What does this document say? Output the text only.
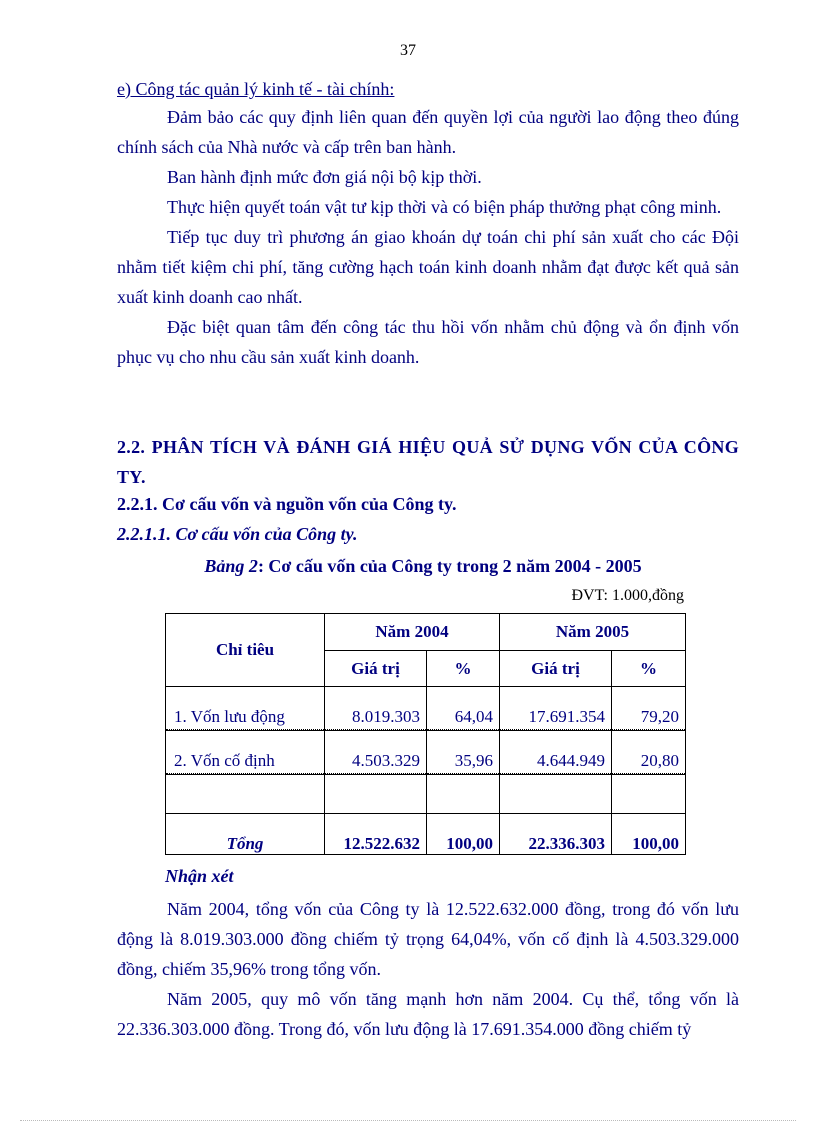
37
e) Công tác quản lý kinh tế - tài chính:

Đảm bảo các quy định liên quan đến quyền lợi của người lao động theo đúng chính sách của Nhà nước và cấp trên ban hành.

Ban hành định mức đơn giá nội bộ kịp thời.

Thực hiện quyết toán vật tư kịp thời và có biện pháp thưởng phạt công minh.

Tiếp tục duy trì phương án giao khoán dự toán chi phí sản xuất cho các Đội nhằm tiết kiệm chi phí, tăng cường hạch toán kinh doanh nhằm đạt được kết quả sản xuất kinh doanh cao nhất.

Đặc biệt quan tâm đến công tác thu hồi vốn nhằm chủ động và ổn định vốn phục vụ cho nhu cầu sản xuất kinh doanh.

2.2. PHÂN TÍCH VÀ ĐÁNH GIÁ HIỆU QUẢ SỬ DỤNG VỐN CỦA CÔNG TY.

2.2.1. Cơ cấu vốn và nguồn vốn của Công ty.
2.2.1.1. Cơ cấu vốn của Công ty.
Bảng 2: Cơ cấu vốn của Công ty trong 2 năm 2004 - 2005
ĐVT: 1.000,đồng
Chỉ tiêu	Năm 2004		Năm 2005	
	Giá trị	%	Giá trị	%

1. Vốn lưu động	8.019.303	64,04	17.691.354	79,20

2. Vốn cố định	4.503.329	35,96	4.644.949	20,80

Tổng	12.522.632	100,00	22.336.303	100,00
Nhận xét

Năm 2004, tổng vốn của Công ty là 12.522.632.000 đồng, trong đó vốn lưu động là 8.019.303.000 đồng chiếm tỷ trọng 64,04%, vốn cố định là 4.503.329.000 đồng, chiếm 35,96% trong tổng vốn.

Năm 2005, quy mô vốn tăng mạnh hơn năm 2004. Cụ thể, tổng vốn là 22.336.303.000 đồng. Trong đó, vốn lưu động là 17.691.354.000 đồng chiếm tỷ
